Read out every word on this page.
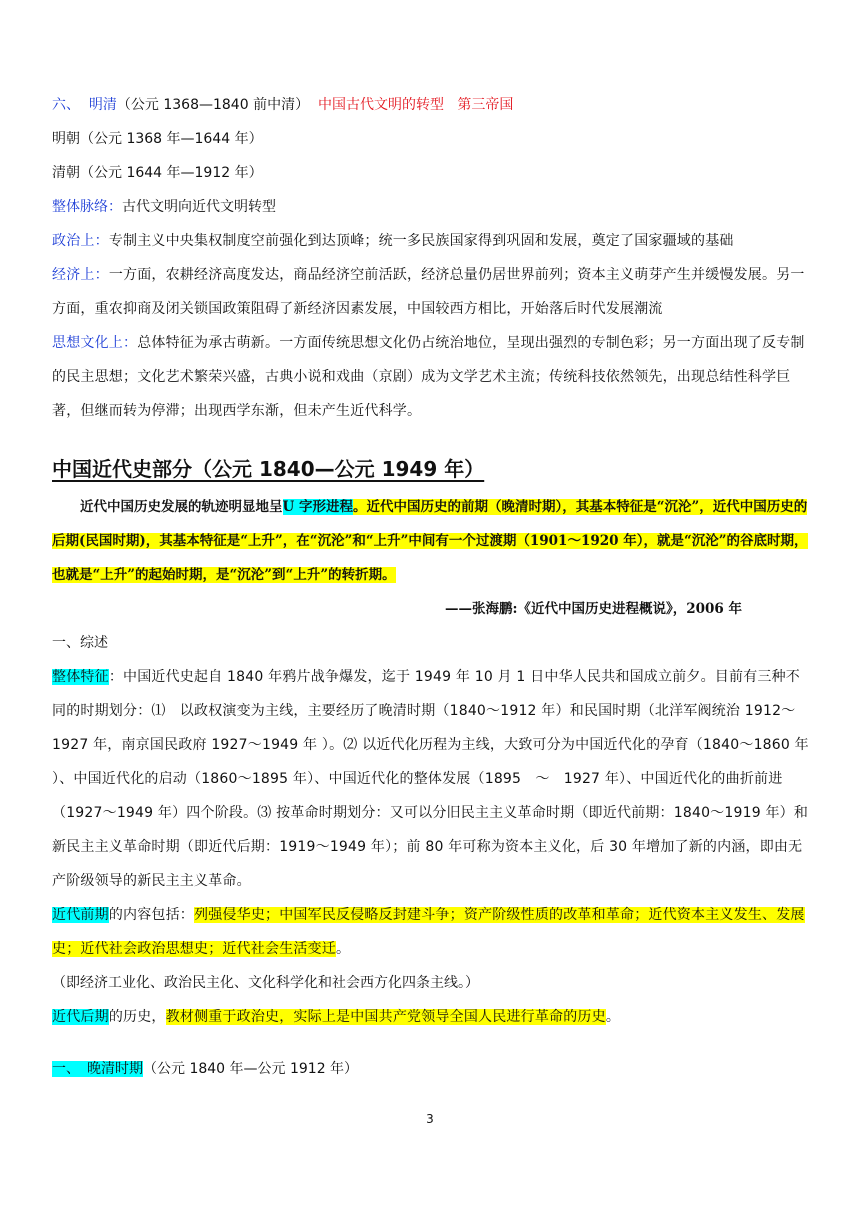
六、 明清（公元 1368—1840 前中清） 中国古代文明的转型 第三帝国
明朝（公元 1368 年—1644 年）
清朝（公元 1644 年—1912 年）
整体脉络：古代文明向近代文明转型
政治上：专制主义中央集权制度空前强化到达顶峰；统一多民族国家得到巩固和发展，奠定了国家疆域的基础
经济上：一方面，农耕经济高度发达，商品经济空前活跃，经济总量仍居世界前列；资本主义萌芽产生并缓慢发展。另一方面，重农抑商及闭关锁国政策阻碍了新经济因素发展，中国较西方相比，开始落后时代发展潮流
思想文化上：总体特征为承古萌新。一方面传统思想文化仍占统治地位，呈现出强烈的专制色彩；另一方面出现了反专制的民主思想；文化艺术繁荣兴盛，古典小说和戏曲（京剧）成为文学艺术主流；传统科技依然领先，出现总结性科学巨著，但继而转为停滞；出现西学东渐，但未产生近代科学。
中国近代史部分（公元 1840—公元 1949 年）
近代中国历史发展的轨迹明显地呈U 字形进程。近代中国历史的前期（晚清时期），其基本特征是“沉沦”，近代中国历史的后期(民国时期)，其基本特征是“上升”，在“沉沦”和“上升”中间有一个过渡期（1901～1920 年），就是“沉沦”的谷底时期，也就是“上升”的起始时期，是“沉沦”到“上升”的转折期。
——张海鹏:《近代中国历史进程概说》，2006 年
一、综述
整体特征：中国近代史起自 1840 年鸦片战争爆发，迄于 1949 年 10 月 1 日中华人民共和国成立前夕。目前有三种不同的时期划分：⑴　以政权演变为主线，主要经历了晚清时期（1840～1912 年）和民国时期（北洋军阀统治 1912～1927 年，南京国民政府 1927～1949 年 ）。⑵ 以近代化历程为主线，大致可分为中国近代化的孕育（1840～1860 年 ）、中国近代化的启动（1860～1895 年）、中国近代化的整体发展（1895　～　1927 年）、中国近代化的曲折前进（1927～1949 年）四个阶段。⑶ 按革命时期划分：又可以分旧民主主义革命时期（即近代前期：1840～1919 年）和新民主主义革命时期（即近代后期：1919～1949 年）；前 80 年可称为资本主义化，后 30 年增加了新的内涵，即由无产阶级领导的新民主主义革命。
近代前期的内容包括：列强侵华史；中国军民反侵略反封建斗争；资产阶级性质的改革和革命；近代资本主义发生、发展史；近代社会政治思想史；近代社会生活变迁。
（即经济工业化、政治民主化、文化科学化和社会西方化四条主线。）
近代后期的历史，教材侧重于政治史，实际上是中国共产党领导全国人民进行革命的历史。
一、　晚清时期（公元 1840 年—公元 1912 年）
3
